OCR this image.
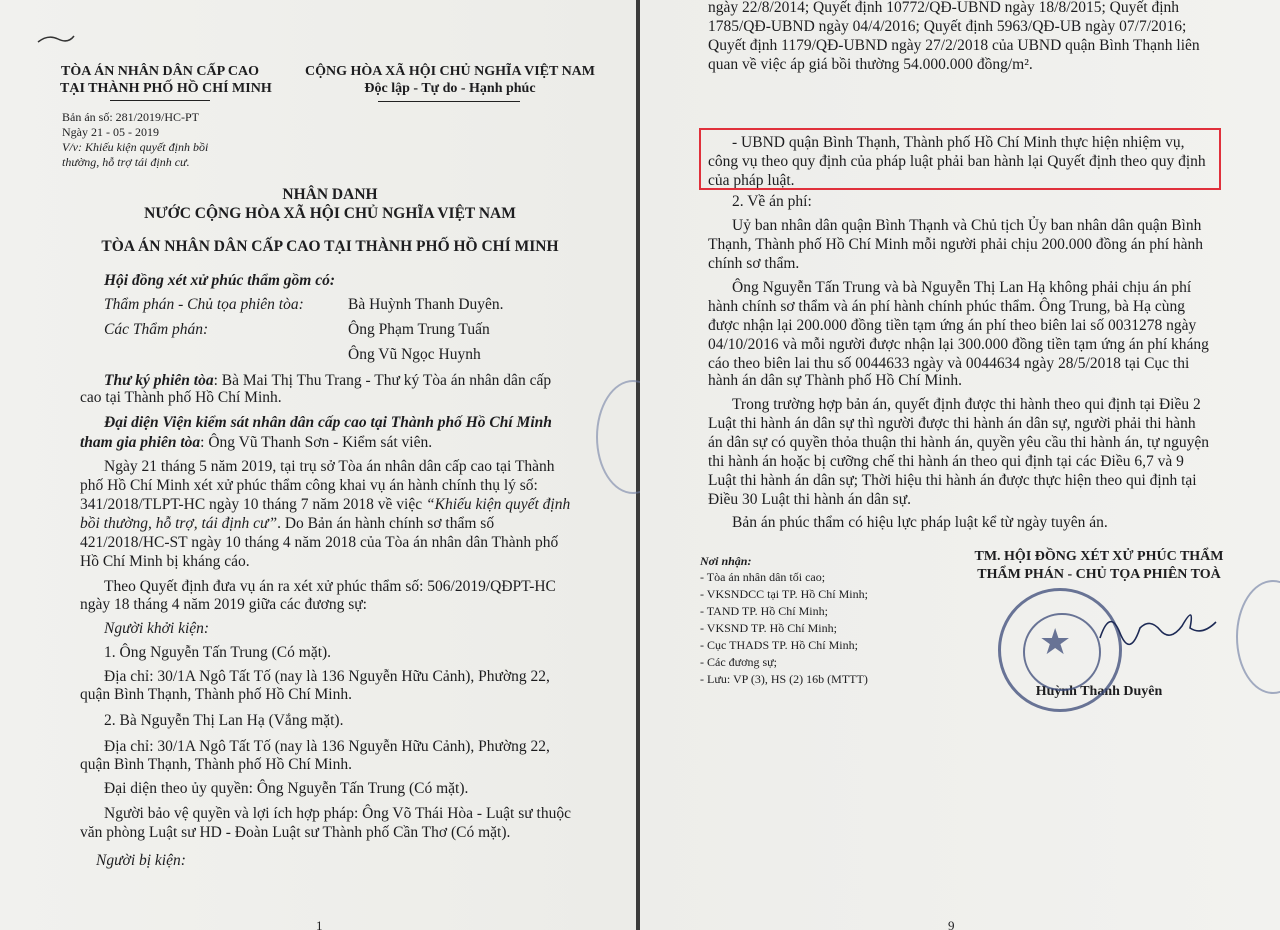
TÒA ÁN NHÂN DÂN CẤP CAO
TẠI THÀNH PHỐ HỒ CHÍ MINH
CỘNG HÒA XÃ HỘI CHỦ NGHĨA VIỆT NAM
Độc lập - Tự do - Hạnh phúc
Bản án số: 281/2019/HC-PT
Ngày 21 - 05 - 2019
V/v: Khiếu kiện quyết định bồi
thường, hỗ trợ tái định cư.
NHÂN DANH
NƯỚC CỘNG HÒA XÃ HỘI CHỦ NGHĨA VIỆT NAM
TÒA ÁN NHÂN DÂN CẤP CAO TẠI THÀNH PHỐ HỒ CHÍ MINH
Hội đồng xét xử phúc thẩm gồm có:
Thẩm phán - Chủ tọa phiên tòa:	Bà Huỳnh Thanh Duyên.
Các Thẩm phán:	Ông Phạm Trung Tuấn
Ông Vũ Ngọc Huynh
Thư ký phiên tòa: Bà Mai Thị Thu Trang - Thư ký Tòa án nhân dân cấp
cao tại Thành phố Hồ Chí Minh.
Đại diện Viện kiểm sát nhân dân cấp cao tại Thành phố Hồ Chí Minh
tham gia phiên tòa: Ông Vũ Thanh Sơn - Kiểm sát viên.
Ngày 21 tháng 5 năm 2019, tại trụ sở Tòa án nhân dân cấp cao tại Thành
phố Hồ Chí Minh xét xử phúc thẩm công khai vụ án hành chính thụ lý số:
341/2018/TLPT-HC ngày 10 tháng 7 năm 2018 về việc “Khiếu kiện quyết định
bồi thường, hỗ trợ, tái định cư”. Do Bản án hành chính sơ thẩm số
421/2018/HC-ST ngày 10 tháng 4 năm 2018 của Tòa án nhân dân Thành phố
Hồ Chí Minh bị kháng cáo.
Theo Quyết định đưa vụ án ra xét xử phúc thẩm số: 506/2019/QĐPT-HC
ngày 18 tháng 4 năm 2019 giữa các đương sự:
Người khởi kiện:
1. Ông Nguyễn Tấn Trung (Có mặt).
Địa chỉ: 30/1A Ngô Tất Tố (nay là 136 Nguyễn Hữu Cảnh), Phường 22,
quận Bình Thạnh, Thành phố Hồ Chí Minh.
2. Bà Nguyễn Thị Lan Hạ (Vắng mặt).
Địa chỉ: 30/1A Ngô Tất Tố (nay là 136 Nguyễn Hữu Cảnh), Phường 22,
quận Bình Thạnh, Thành phố Hồ Chí Minh.
Đại diện theo ủy quyền: Ông Nguyễn Tấn Trung (Có mặt).
Người bảo vệ quyền và lợi ích hợp pháp: Ông Võ Thái Hòa - Luật sư thuộc
văn phòng Luật sư HD - Đoàn Luật sư Thành phố Cần Thơ (Có mặt).
Người bị kiện:
1
ngày 22/8/2014; Quyết định 10772/QĐ-UBND ngày 18/8/2015; Quyết định
1785/QĐ-UBND ngày 04/4/2016; Quyết định 5963/QĐ-UB ngày 07/7/2016;
Quyết định 1179/QĐ-UBND ngày 27/2/2018 của UBND quận Bình Thạnh liên
quan về việc áp giá bồi thường 54.000.000 đồng/m².
- UBND quận Bình Thạnh, Thành phố Hồ Chí Minh thực hiện nhiệm vụ,
công vụ theo quy định của pháp luật phải ban hành lại Quyết định theo quy định
của pháp luật.
2. Về án phí:
Uỷ ban nhân dân quận Bình Thạnh và Chủ tịch Ủy ban nhân dân quận Bình
Thạnh, Thành phố Hồ Chí Minh mỗi người phải chịu 200.000 đồng án phí hành
chính sơ thẩm.
Ông Nguyễn Tấn Trung và bà Nguyễn Thị Lan Hạ không phải chịu án phí
hành chính sơ thẩm và án phí hành chính phúc thẩm. Ông Trung, bà Hạ cùng
được nhận lại 200.000 đồng tiền tạm ứng án phí theo biên lai số 0031278 ngày
04/10/2016 và mỗi người được nhận lại 300.000 đồng tiền tạm ứng án phí kháng
cáo theo biên lai thu số 0044633 ngày và 0044634 ngày 28/5/2018 tại Cục thi
hành án dân sự Thành phố Hồ Chí Minh.
Trong trường hợp bản án, quyết định được thi hành theo qui định tại Điều 2
Luật thi hành án dân sự thì người được thi hành án dân sự, người phải thi hành
án dân sự có quyền thỏa thuận thi hành án, quyền yêu cầu thi hành án, tự nguyện
thi hành án hoặc bị cưỡng chế thi hành án theo qui định tại các Điều 6,7 và 9
Luật thi hành án dân sự; Thời hiệu thi hành án được thực hiện theo qui định tại
Điều 30 Luật thi hành án dân sự.
Bản án phúc thẩm có hiệu lực pháp luật kể từ ngày tuyên án.
Nơi nhận:
- Tòa án nhân dân tối cao;
- VKSNDCC tại TP. Hồ Chí Minh;
- TAND TP. Hồ Chí Minh;
- VKSND TP. Hồ Chí Minh;
- Cục THADS TP. Hồ Chí Minh;
- Các đương sự;
- Lưu: VP (3), HS (2) 16b (MTTT)
TM. HỘI ĐỒNG XÉT XỬ PHÚC THẨM
THẨM PHÁN - CHỦ TỌA PHIÊN TOÀ
Huỳnh Thanh Duyên
9
★
